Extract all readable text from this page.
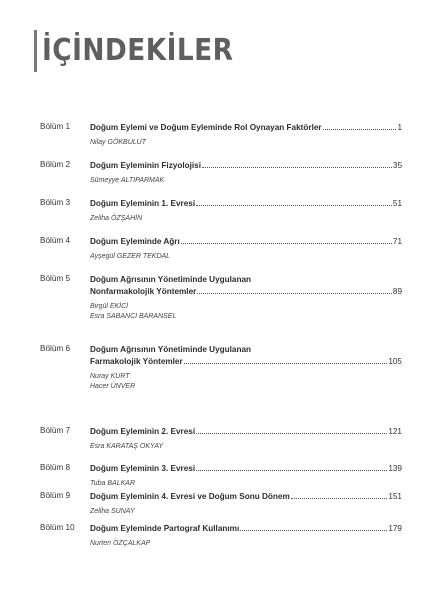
İÇİNDEKİLER
Bölüm 1	Doğum Eylemi ve Doğum Eyleminde Rol Oynayan Faktörler	1
Nilay GÖKBULUT
Bölüm 2	Doğum Eyleminin Fizyolojisi	35
Sümeyye ALTIPARMAK
Bölüm 3	Doğum Eyleminin 1. Evresi	51
Zeliha ÖZŞAHİN
Bölüm 4	Doğum Eyleminde Ağrı	71
Ayşegül GEZER TEKDAL
Bölüm 5	Doğum Ağrısının Yönetiminde Uygulanan
Nonfarmakolojik Yöntemler	89
Birgül EKİCİ
Esra SABANCI BARANSEL
Bölüm 6	Doğum Ağrısının Yönetiminde Uygulanan
Farmakolojik Yöntemler	105
Nuray KURT
Hacer ÜNVER
Bölüm 7	Doğum Eyleminin 2. Evresi	121
Esra KARATAŞ OKYAY
Bölüm 8	Doğum Eyleminin 3. Evresi	139
Tuba BALKAR
Bölüm 9	Doğum Eyleminin 4. Evresi ve Doğum Sonu Dönem	151
Zeliha SUNAY
Bölüm 10	Doğum Eyleminde Partograf Kullanımı	179
Nurten ÖZÇALKAP
